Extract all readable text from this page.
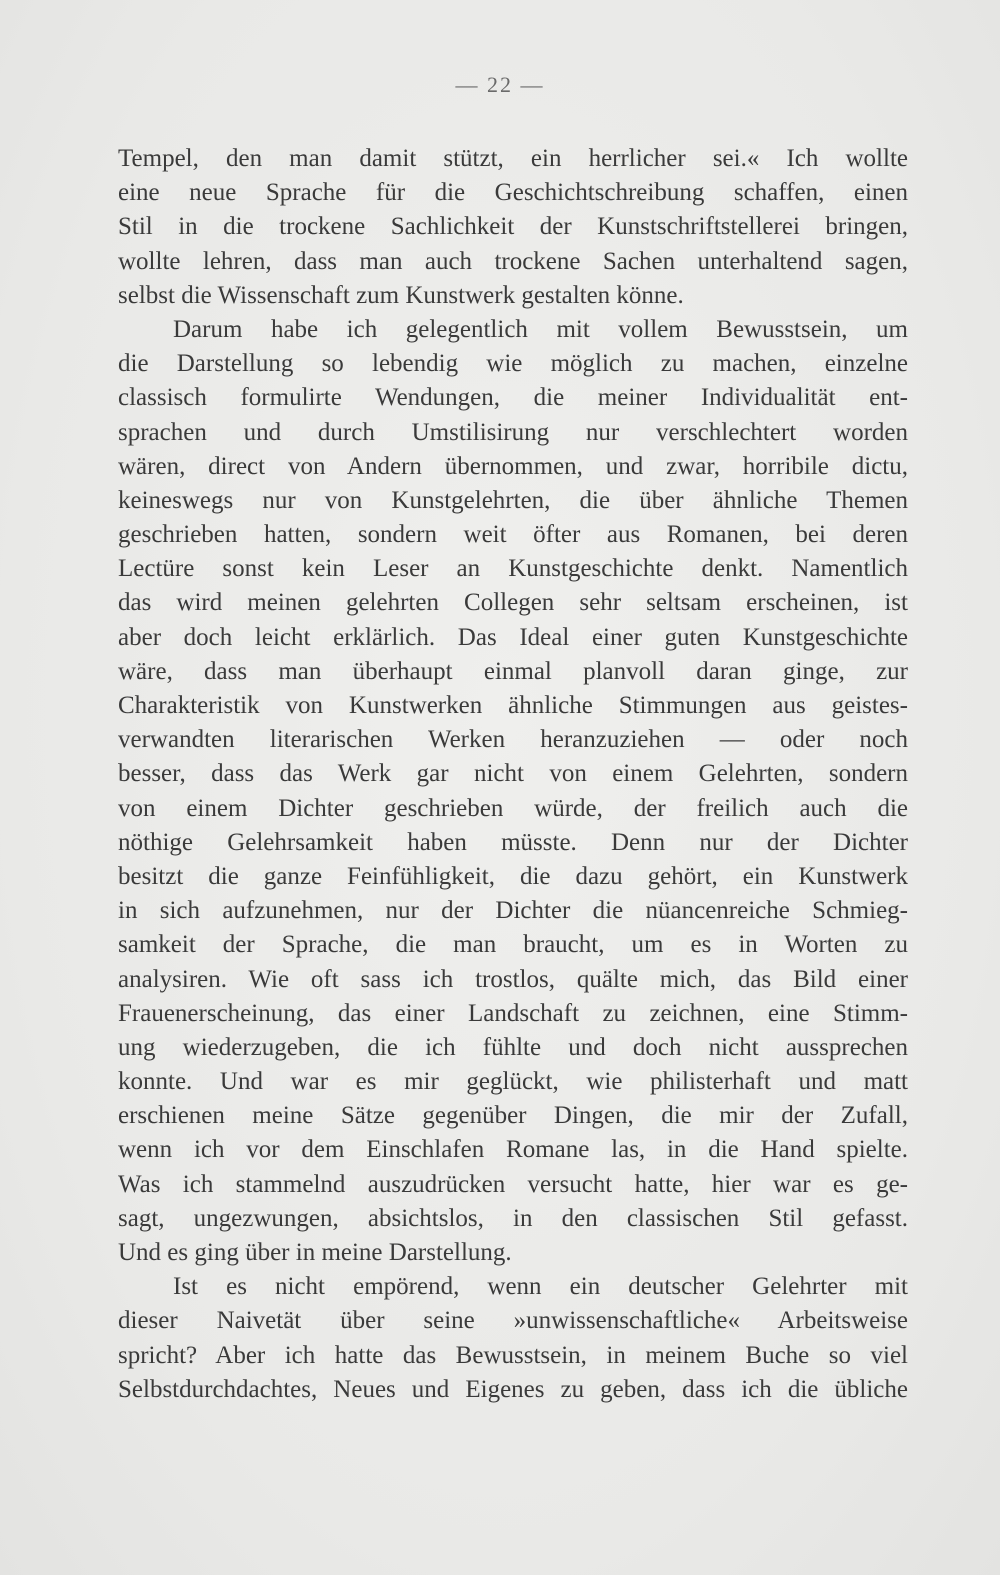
— 22 —
Tempel, den man damit stützt, ein herrlicher sei.« Ich wollte
eine neue Sprache für die Geschichtschreibung schaffen, einen
Stil in die trockene Sachlichkeit der Kunstschriftstellerei bringen,
wollte lehren, dass man auch trockene Sachen unterhaltend sagen,
selbst die Wissenschaft zum Kunstwerk gestalten könne.
Darum habe ich gelegentlich mit vollem Bewusstsein, um
die Darstellung so lebendig wie möglich zu machen, einzelne
classisch formulirte Wendungen, die meiner Individualität ent-
sprachen und durch Umstilisirung nur verschlechtert worden
wären, direct von Andern übernommen, und zwar, horribile dictu,
keineswegs nur von Kunstgelehrten, die über ähnliche Themen
geschrieben hatten, sondern weit öfter aus Romanen, bei deren
Lectüre sonst kein Leser an Kunstgeschichte denkt. Namentlich
das wird meinen gelehrten Collegen sehr seltsam erscheinen, ist
aber doch leicht erklärlich. Das Ideal einer guten Kunstgeschichte
wäre, dass man überhaupt einmal planvoll daran ginge, zur
Charakteristik von Kunstwerken ähnliche Stimmungen aus geistes-
verwandten literarischen Werken heranzuziehen — oder noch
besser, dass das Werk gar nicht von einem Gelehrten, sondern
von einem Dichter geschrieben würde, der freilich auch die
nöthige Gelehrsamkeit haben müsste. Denn nur der Dichter
besitzt die ganze Feinfühligkeit, die dazu gehört, ein Kunstwerk
in sich aufzunehmen, nur der Dichter die nüancenreiche Schmieg-
samkeit der Sprache, die man braucht, um es in Worten zu
analysiren. Wie oft sass ich trostlos, quälte mich, das Bild einer
Frauenerscheinung, das einer Landschaft zu zeichnen, eine Stimm-
ung wiederzugeben, die ich fühlte und doch nicht aussprechen
konnte. Und war es mir geglückt, wie philisterhaft und matt
erschienen meine Sätze gegenüber Dingen, die mir der Zufall,
wenn ich vor dem Einschlafen Romane las, in die Hand spielte.
Was ich stammelnd auszudrücken versucht hatte, hier war es ge-
sagt, ungezwungen, absichtslos, in den classischen Stil gefasst.
Und es ging über in meine Darstellung.
Ist es nicht empörend, wenn ein deutscher Gelehrter mit
dieser Naivetät über seine »unwissenschaftliche« Arbeitsweise
spricht? Aber ich hatte das Bewusstsein, in meinem Buche so viel
Selbstdurchdachtes, Neues und Eigenes zu geben, dass ich die übliche
